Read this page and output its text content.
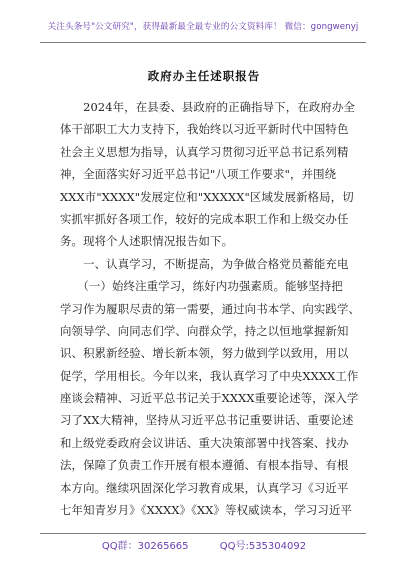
关注头条号"公文研究"，获得最新最全最专业的公文资料库！ 微信：gongwenyj
政府办主任述职报告
　　2024年，在县委、县政府的正确指导下，在政府办全
体干部职工大力支持下，我始终以习近平新时代中国特色
社会主义思想为指导，认真学习贯彻习近平总书记系列精
神，全面落实好习近平总书记"八项工作要求"，并围绕
XXX市"XXXX"发展定位和"XXXXX"区域发展新格局，切
实抓牢抓好各项工作，较好的完成本职工作和上级交办任
务。现将个人述职情况报告如下。
　　一、认真学习，不断提高，为争做合格党员蓄能充电
　　（一）始终注重学习，练好内功强素质。能够坚持把
学习作为履职尽责的第一需要，通过向书本学、向实践学、
向领导学、向同志们学、向群众学，持之以恒地掌握新知
识、积累新经验、增长新本领，努力做到学以致用，用以
促学，学用相长。今年以来，我认真学习了中央XXXX工作
座谈会精神、习近平总书记关于XXXX重要论述等，深入学
习了XX大精神，坚持从习近平总书记重要讲话、重要论述
和上级党委政府会议讲话、重大决策部署中找答案、找办
法，保障了负责工作开展有根本遵循、有根本指导、有根
本方向。继续巩固深化学习教育成果，认真学习《习近平
七年知青岁月》《XXXX》《XX》等权威读本，学习习近平
QQ群：30265665	QQ号:535304092
